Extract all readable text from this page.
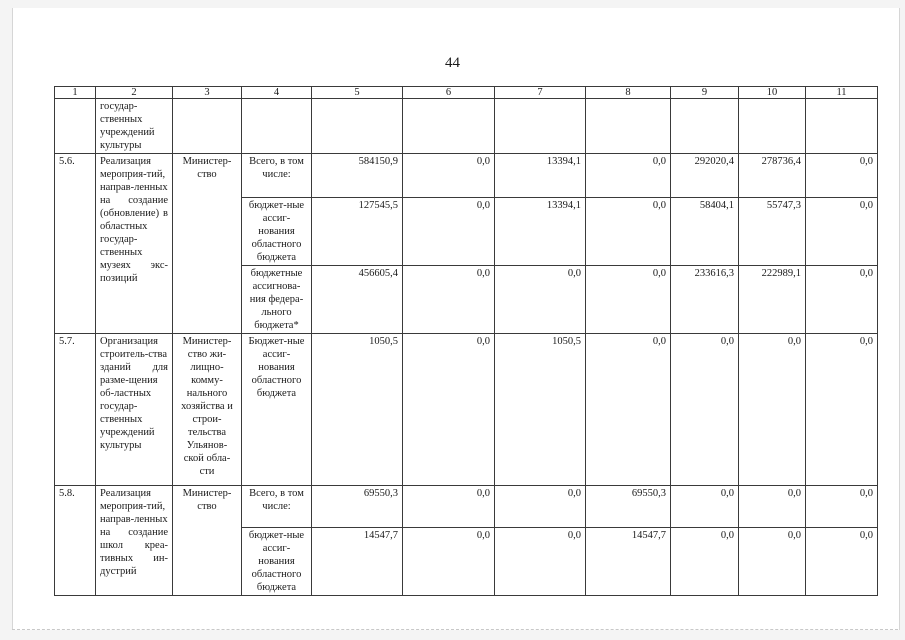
44
1	2	3	4	5	6	7	8	9	10	11
	государ-ственных учреждений культуры									
5.6.	Реализация мероприя-тий, направ-ленных на создание (обновление) в областных государ-ственных музеях экс-позиций	Министер-ство	Всего, в том числе:	584150,9	0,0	13394,1	0,0	292020,4	278736,4	0,0
			бюджет-ные ассиг-нования областного бюджета	127545,5	0,0	13394,1	0,0	58404,1	55747,3	0,0
			бюджетные ассигнова-ния федера-льного бюджета*	456605,4	0,0	0,0	0,0	233616,3	222989,1	0,0
5.7.	Организация строитель-ства зданий для разме-щения об-ластных государ-ственных учреждений культуры	Министер-ство жи-лищно-комму-нального хозяйства и строи-тельства Ульянов-ской обла-сти	Бюджет-ные ассиг-нования областного бюджета	1050,5	0,0	1050,5	0,0	0,0	0,0	0,0
5.8.	Реализация мероприя-тий, направ-ленных на создание школ креа-тивных ин-дустрий	Министер-ство	Всего, в том числе:	69550,3	0,0	0,0	69550,3	0,0	0,0	0,0
			бюджет-ные ассиг-нования областного бюджета	14547,7	0,0	0,0	14547,7	0,0	0,0	0,0
